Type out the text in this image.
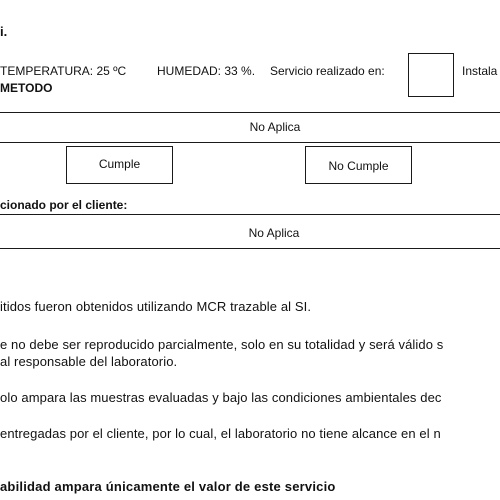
i.
TEMPERATURA: 25 ºC	HUMEDAD: 33 %. Servicio realizado en:	Instala
METODO
No Aplica
Cumple	No Cumple
cionado por el cliente:
No Aplica
itidos fueron obtenidos utilizando MCR trazable al SI.
e no debe ser reproducido parcialmente, solo en su totalidad y será válido s
al responsable del laboratorio.
olo ampara las muestras evaluadas y bajo las condiciones ambientales dec
entregadas por el cliente, por lo cual, el laboratorio no tiene alcance en el n
abilidad ampara únicamente el valor de este servicio
